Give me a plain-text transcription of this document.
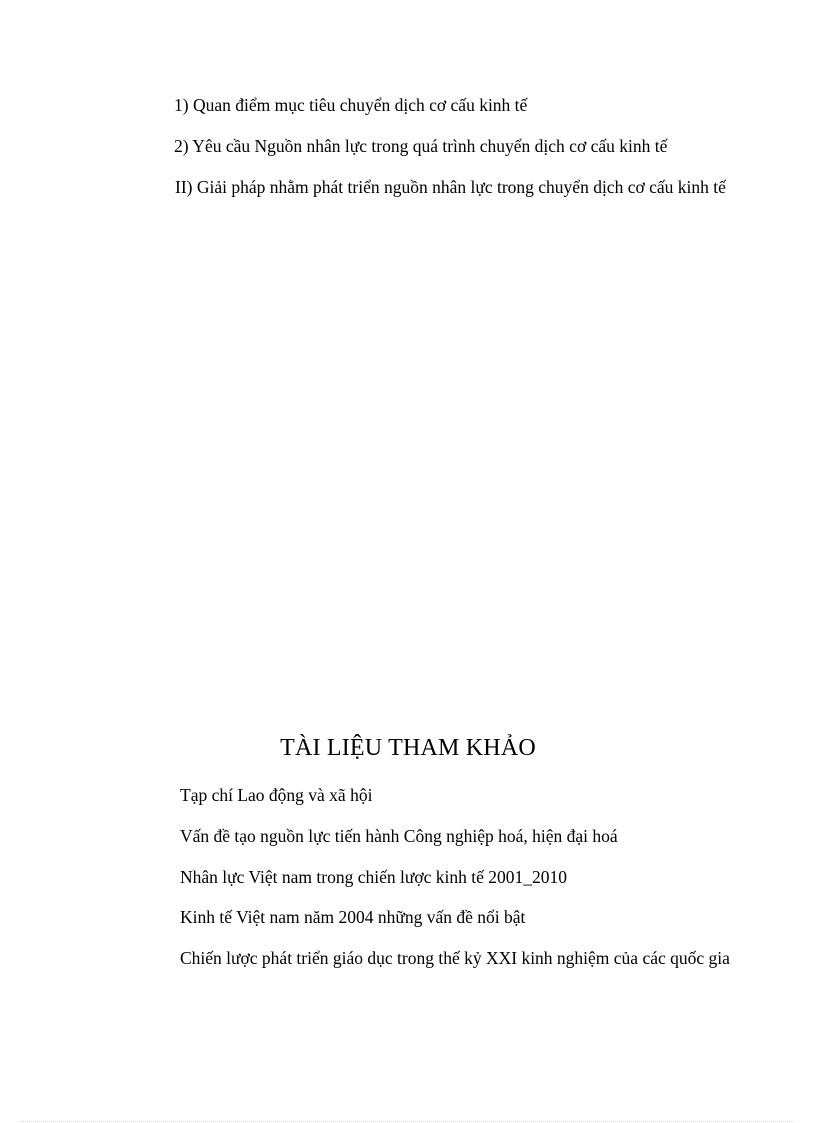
1) Quan điểm mục tiêu chuyển dịch cơ cấu kinh tế

2) Yêu cầu Nguồn nhân lực trong quá trình chuyển dịch cơ cấu kinh tế

II) Giải pháp nhằm phát triển nguồn nhân lực trong chuyển dịch cơ cấu kinh tế

TÀI LIỆU THAM KHẢO

Tạp chí Lao động và xã hội

Vấn đề tạo nguồn lực tiến hành Công nghiệp hoá, hiện đại hoá

Nhân lực Việt nam trong chiến lược kinh tế 2001_2010

Kinh tế Việt nam năm 2004 những vấn đề nổi bật

Chiến lược phát triển giáo dục trong thế kỷ XXI kinh nghiệm của các quốc gia
